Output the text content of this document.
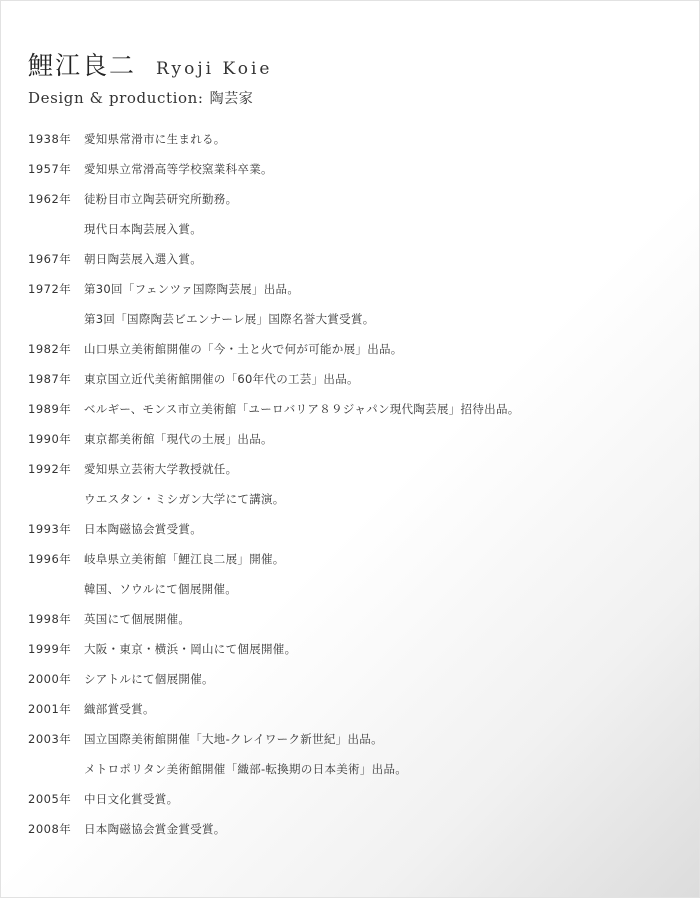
鯉江良二 Ryoji Koie
Design & production: 陶芸家
1938年	愛知県常滑市に生まれる。
1957年	愛知県立常滑高等学校窯業科卒業。
1962年	徒粉目市立陶芸研究所勤務。
現代日本陶芸展入賞。
1967年	朝日陶芸展入選入賞。
1972年	第30回「フェンツァ国際陶芸展」出品。
第3回「国際陶芸ビエンナーレ展」国際名誉大賞受賞。
1982年	山口県立美術館開催の「今・土と火で何が可能か展」出品。
1987年	東京国立近代美術館開催の「60年代の工芸」出品。
1989年	ベルギー、モンス市立美術館「ユーロバリア８９ジャパン現代陶芸展」招待出品。
1990年	東京都美術館「現代の土展」出品。
1992年	愛知県立芸術大学教授就任。
ウエスタン・ミシガン大学にて講演。
1993年	日本陶磁協会賞受賞。
1996年	岐阜県立美術館「鯉江良二展」開催。
韓国、ソウルにて個展開催。
1998年	英国にて個展開催。
1999年	大阪・東京・横浜・岡山にて個展開催。
2000年	シアトルにて個展開催。
2001年	織部賞受賞。
2003年	国立国際美術館開催「大地-クレイワーク新世紀」出品。
メトロポリタン美術館開催「織部-転換期の日本美術」出品。
2005年	中日文化賞受賞。
2008年	日本陶磁協会賞金賞受賞。
